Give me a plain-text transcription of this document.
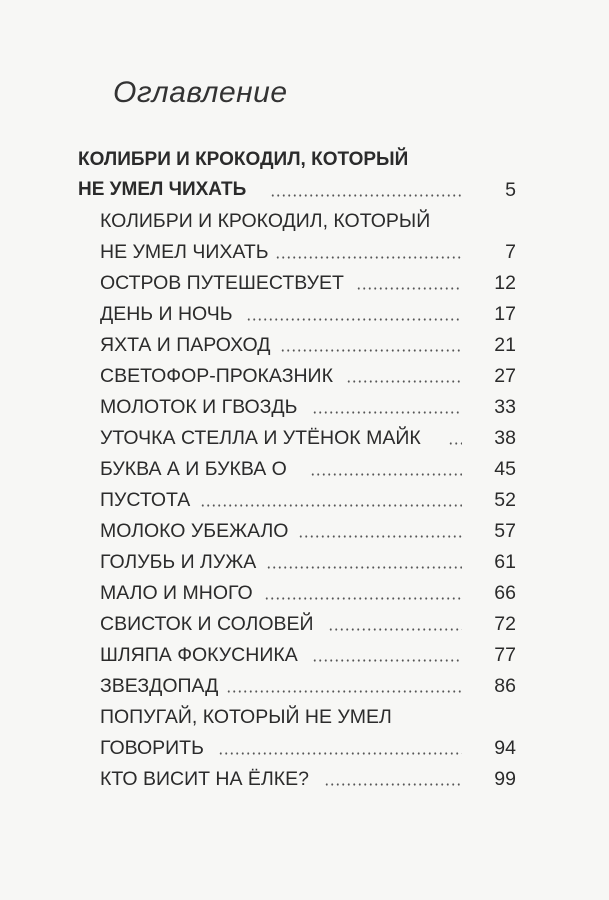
Оглавление
КОЛИБРИ И КРОКОДИЛ, КОТОРЫЙ
НЕ УМЕЛ ЧИХАТЬ	5
КОЛИБРИ И КРОКОДИЛ, КОТОРЫЙ
НЕ УМЕЛ ЧИХАТЬ	7
ОСТРОВ ПУТЕШЕСТВУЕТ	12
ДЕНЬ И НОЧЬ	17
ЯХТА И ПАРОХОД	21
СВЕТОФОР-ПРОКАЗНИК	27
МОЛОТОК И ГВОЗДЬ	33
УТОЧКА СТЕЛЛА И УТЁНОК МАЙК	38
БУКВА А И БУКВА О	45
ПУСТОТА	52
МОЛОКО УБЕЖАЛО	57
ГОЛУБЬ И ЛУЖА	61
МАЛО И МНОГО	66
СВИСТОК И СОЛОВЕЙ	72
ШЛЯПА ФОКУСНИКА	77
ЗВЕЗДОПАД	86
ПОПУГАЙ, КОТОРЫЙ НЕ УМЕЛ
ГОВОРИТЬ	94
КТО ВИСИТ НА ЁЛКЕ?	99
